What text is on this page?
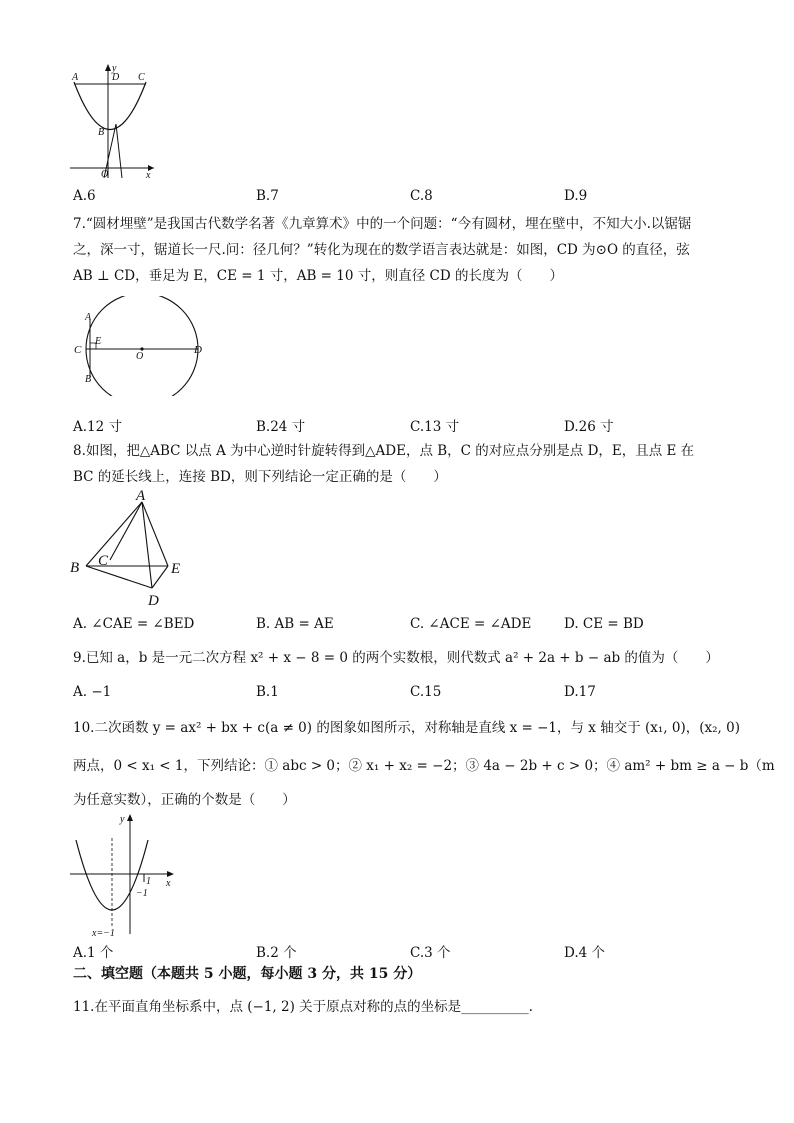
A	D C
B
O	x
y
A.6	B.7	C.8	D.9
7.“圆材埋壁”是我国古代数学名著《九章算术》中的一个问题：“今有圆材，埋在壁中，不知大小.以锯锯
之，深一寸，锯道长一尺.问：径几何？”转化为现在的数学语言表达就是：如图，CD 为⊙O 的直径，弦
AB ⊥ CD，垂足为 E，CE = 1 寸，AB = 10 寸，则直径 CD 的长度为（　　）
A
B
C	D
E
O
A.12 寸	B.24 寸	C.13 寸	D.26 寸
8.如图，把△ABC 以点 A 为中心逆时针旋转得到△ADE，点 B，C 的对应点分别是点 D，E，且点 E 在
BC 的延长线上，连接 BD，则下列结论一定正确的是（　　）
A
B C	E
D
A. ∠CAE = ∠BED	B. AB = AE	C. ∠ACE = ∠ADE D. CE = BD
9.已知 a，b 是一元二次方程 x² + x − 8 = 0 的两个实数根，则代数式 a² + 2a + b − ab 的值为（　　）
A. −1	B.1	C.15	D.17
10.二次函数 y = ax² + bx + c(a ≠ 0) 的图象如图所示，对称轴是直线 x = −1，与 x 轴交于 (x₁, 0)，(x₂, 0)
两点，0 < x₁ < 1，下列结论：① abc > 0；② x₁ + x₂ = −2；③ 4a − 2b + c > 0；④ am² + bm ≥ a − b（m
为任意实数），正确的个数是（　　）
y
x
1
−1
x=−1
A.1 个	B.2 个	C.3 个	D.4 个
二、填空题（本题共 5 小题，每小题 3 分，共 15 分）
11.在平面直角坐标系中，点 (−1, 2) 关于原点对称的点的坐标是__________.
